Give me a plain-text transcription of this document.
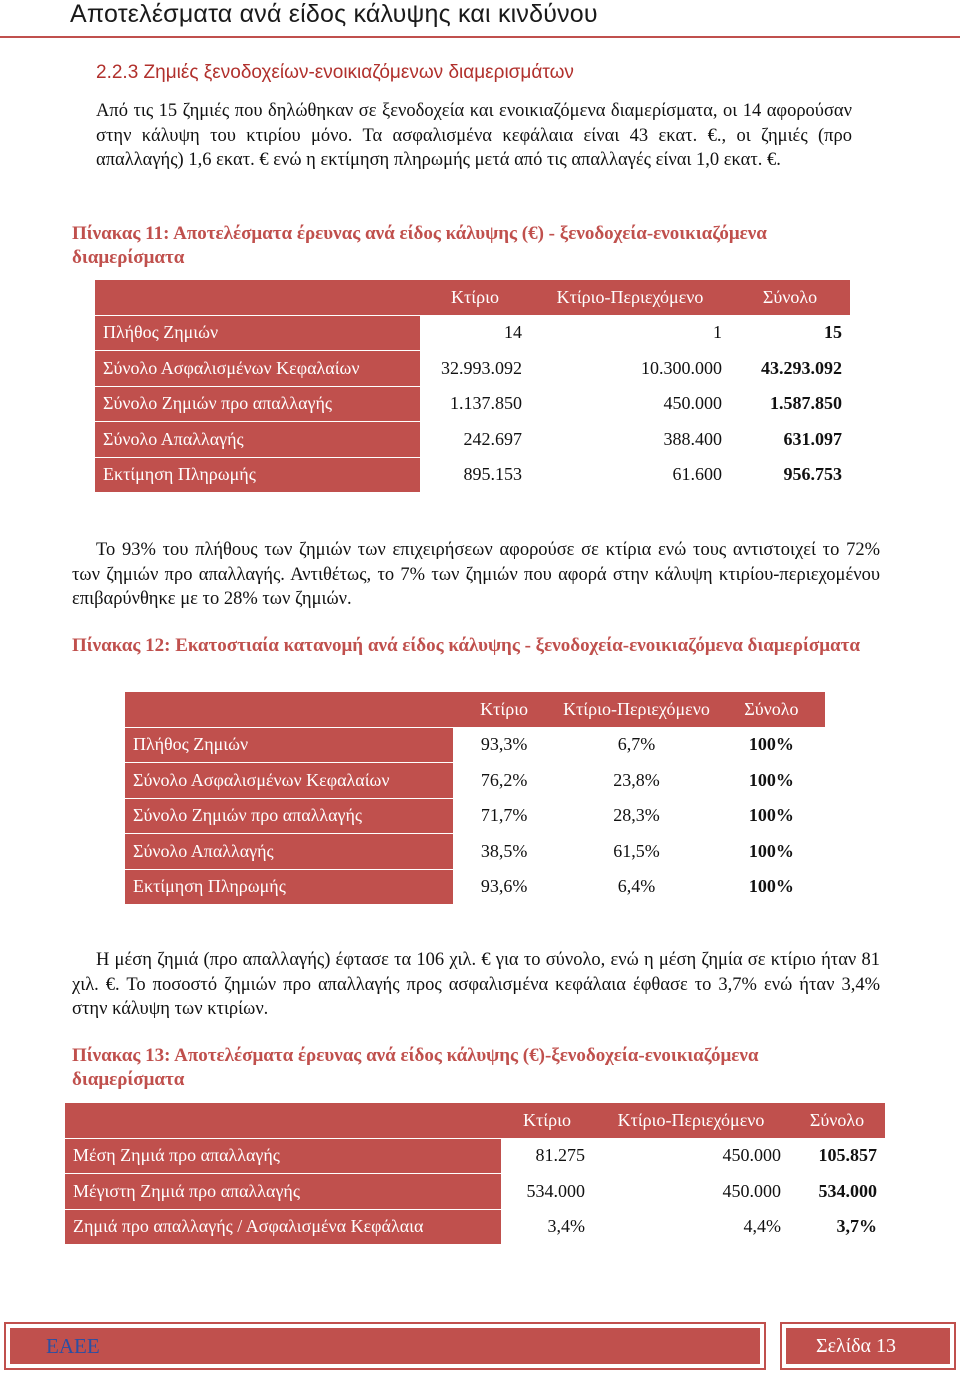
Αποτελέσματα ανά είδος κάλυψης και κινδύνου
2.2.3 Ζημιές ξενοδοχείων-ενοικιαζόμενων διαμερισμάτων

Από τις 15 ζημιές που δηλώθηκαν σε ξενοδοχεία και ενοικιαζόμενα διαμερίσματα, οι 14 αφορούσαν στην κάλυψη του κτιρίου μόνο. Τα ασφαλισμένα κεφάλαια είναι 43 εκατ. €., οι ζημιές (προ απαλλαγής) 1,6 εκατ. € ενώ η εκτίμηση πληρωμής μετά από τις απαλλαγές είναι 1,0 εκατ. €.

Πίνακας 11: Αποτελέσματα έρευνας ανά είδος κάλυψης (€) - ξενοδοχεία-ενοικιαζόμενα διαμερίσματα

	Κτίριο	Κτίριο-Περιεχόμενο	Σύνολο
Πλήθος Ζημιών	14	1	15
Σύνολο Ασφαλισμένων Κεφαλαίων	32.993.092	10.300.000	43.293.092
Σύνολο Ζημιών προ απαλλαγής	1.137.850	450.000	1.587.850
Σύνολο Απαλλαγής	242.697	388.400	631.097
Εκτίμηση Πληρωμής	895.153	61.600	956.753

Το 93% του πλήθους των ζημιών των επιχειρήσεων αφορούσε σε κτίρια ενώ τους αντιστοιχεί το 72% των ζημιών προ απαλλαγής. Αντιθέτως, το 7% των ζημιών που αφορά στην κάλυψη κτιρίου-περιεχομένου επιβαρύνθηκε με το 28% των ζημιών.

Πίνακας 12: Εκατοστιαία κατανομή ανά είδος κάλυψης - ξενοδοχεία-ενοικιαζόμενα διαμερίσματα

	Κτίριο	Κτίριο-Περιεχόμενο	Σύνολο
Πλήθος Ζημιών	93,3%	6,7%	100%
Σύνολο Ασφαλισμένων Κεφαλαίων	76,2%	23,8%	100%
Σύνολο Ζημιών προ απαλλαγής	71,7%	28,3%	100%
Σύνολο Απαλλαγής	38,5%	61,5%	100%
Εκτίμηση Πληρωμής	93,6%	6,4%	100%

Η μέση ζημιά (προ απαλλαγής) έφτασε τα 106 χιλ. € για το σύνολο, ενώ η μέση ζημία σε κτίριο ήταν 81 χιλ. €. Το ποσοστό ζημιών προ απαλλαγής προς ασφαλισμένα κεφάλαια έφθασε το 3,7% ενώ ήταν 3,4% στην κάλυψη των κτιρίων.

Πίνακας 13: Αποτελέσματα έρευνας ανά είδος κάλυψης (€)-ξενοδοχεία-ενοικιαζόμενα διαμερίσματα

	Κτίριο	Κτίριο-Περιεχόμενο	Σύνολο
Μέση Ζημιά προ απαλλαγής	81.275	450.000	105.857
Μέγιστη Ζημιά προ απαλλαγής	534.000	450.000	534.000
Ζημιά προ απαλλαγής / Ασφαλισμένα Κεφάλαια	3,4%	4,4%	3,7%
ΕΑΕΕ	Σελίδα 13
